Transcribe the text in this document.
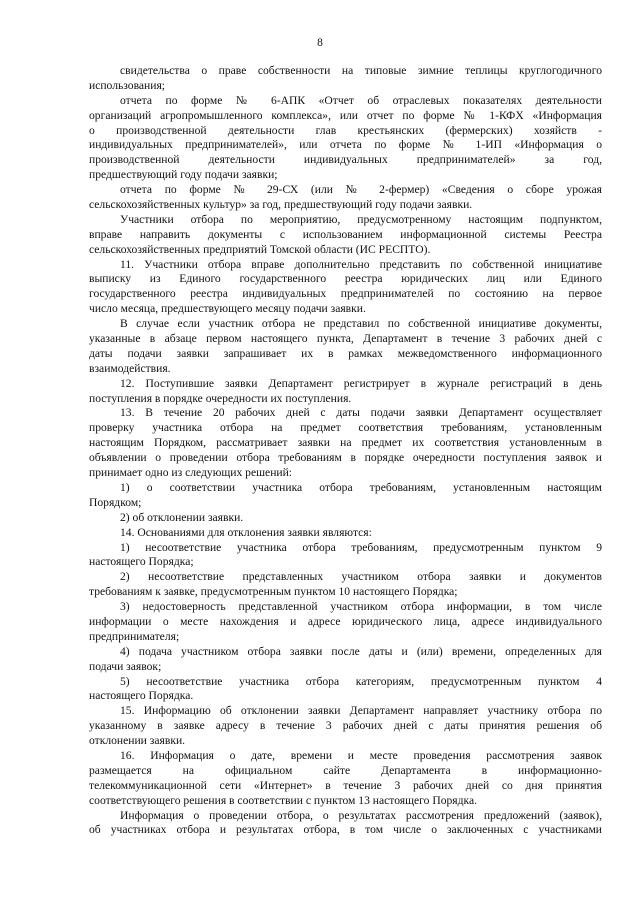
8
свидетельства о праве собственности на типовые зимние теплицы круглогодичного
использования;
отчета по форме № 6-АПК «Отчет об отраслевых показателях деятельности
организаций агропромышленного комплекса», или отчет по форме № 1-КФХ «Информация
о производственной деятельности глав крестьянских (фермерских) хозяйств -
индивидуальных предпринимателей», или отчета по форме № 1-ИП «Информация о
производственной деятельности индивидуальных предпринимателей» за год,
предшествующий году подачи заявки;
отчета по форме № 29-СХ (или № 2-фермер) «Сведения о сборе урожая
сельскохозяйственных культур» за год, предшествующий году подачи заявки.
Участники отбора по мероприятию, предусмотренному настоящим подпунктом,
вправе направить документы с использованием информационной системы Реестра
сельскохозяйственных предприятий Томской области (ИС РЕСПТО).
11. Участники отбора вправе дополнительно представить по собственной инициативе
выписку из Единого государственного реестра юридических лиц или Единого
государственного реестра индивидуальных предпринимателей по состоянию на первое
число месяца, предшествующего месяцу подачи заявки.
В случае если участник отбора не представил по собственной инициативе документы,
указанные в абзаце первом настоящего пункта, Департамент в течение 3 рабочих дней с
даты подачи заявки запрашивает их в рамках межведомственного информационного
взаимодействия.
12. Поступившие заявки Департамент регистрирует в журнале регистраций в день
поступления в порядке очередности их поступления.
13. В течение 20 рабочих дней с даты подачи заявки Департамент осуществляет
проверку участника отбора на предмет соответствия требованиям, установленным
настоящим Порядком, рассматривает заявки на предмет их соответствия установленным в
объявлении о проведении отбора требованиям в порядке очередности поступления заявок и
принимает одно из следующих решений:
1) о соответствии участника отбора требованиям, установленным настоящим
Порядком;
2) об отклонении заявки.
14. Основаниями для отклонения заявки являются:
1) несоответствие участника отбора требованиям, предусмотренным пунктом 9
настоящего Порядка;
2) несоответствие представленных участником отбора заявки и документов
требованиям к заявке, предусмотренным пунктом 10 настоящего Порядка;
3) недостоверность представленной участником отбора информации, в том числе
информации о месте нахождения и адресе юридического лица, адресе индивидуального
предпринимателя;
4) подача участником отбора заявки после даты и (или) времени, определенных для
подачи заявок;
5) несоответствие участника отбора категориям, предусмотренным пунктом 4
настоящего Порядка.
15. Информацию об отклонении заявки Департамент направляет участнику отбора по
указанному в заявке адресу в течение 3 рабочих дней с даты принятия решения об
отклонении заявки.
16. Информация о дате, времени и месте проведения рассмотрения заявок
размещается на официальном сайте Департамента в информационно-
телекоммуникационной сети «Интернет» в течение 3 рабочих дней со дня принятия
соответствующего решения в соответствии с пунктом 13 настоящего Порядка.
Информация о проведении отбора, о результатах рассмотрения предложений (заявок),
об участниках отбора и результатах отбора, в том числе о заключенных с участниками
